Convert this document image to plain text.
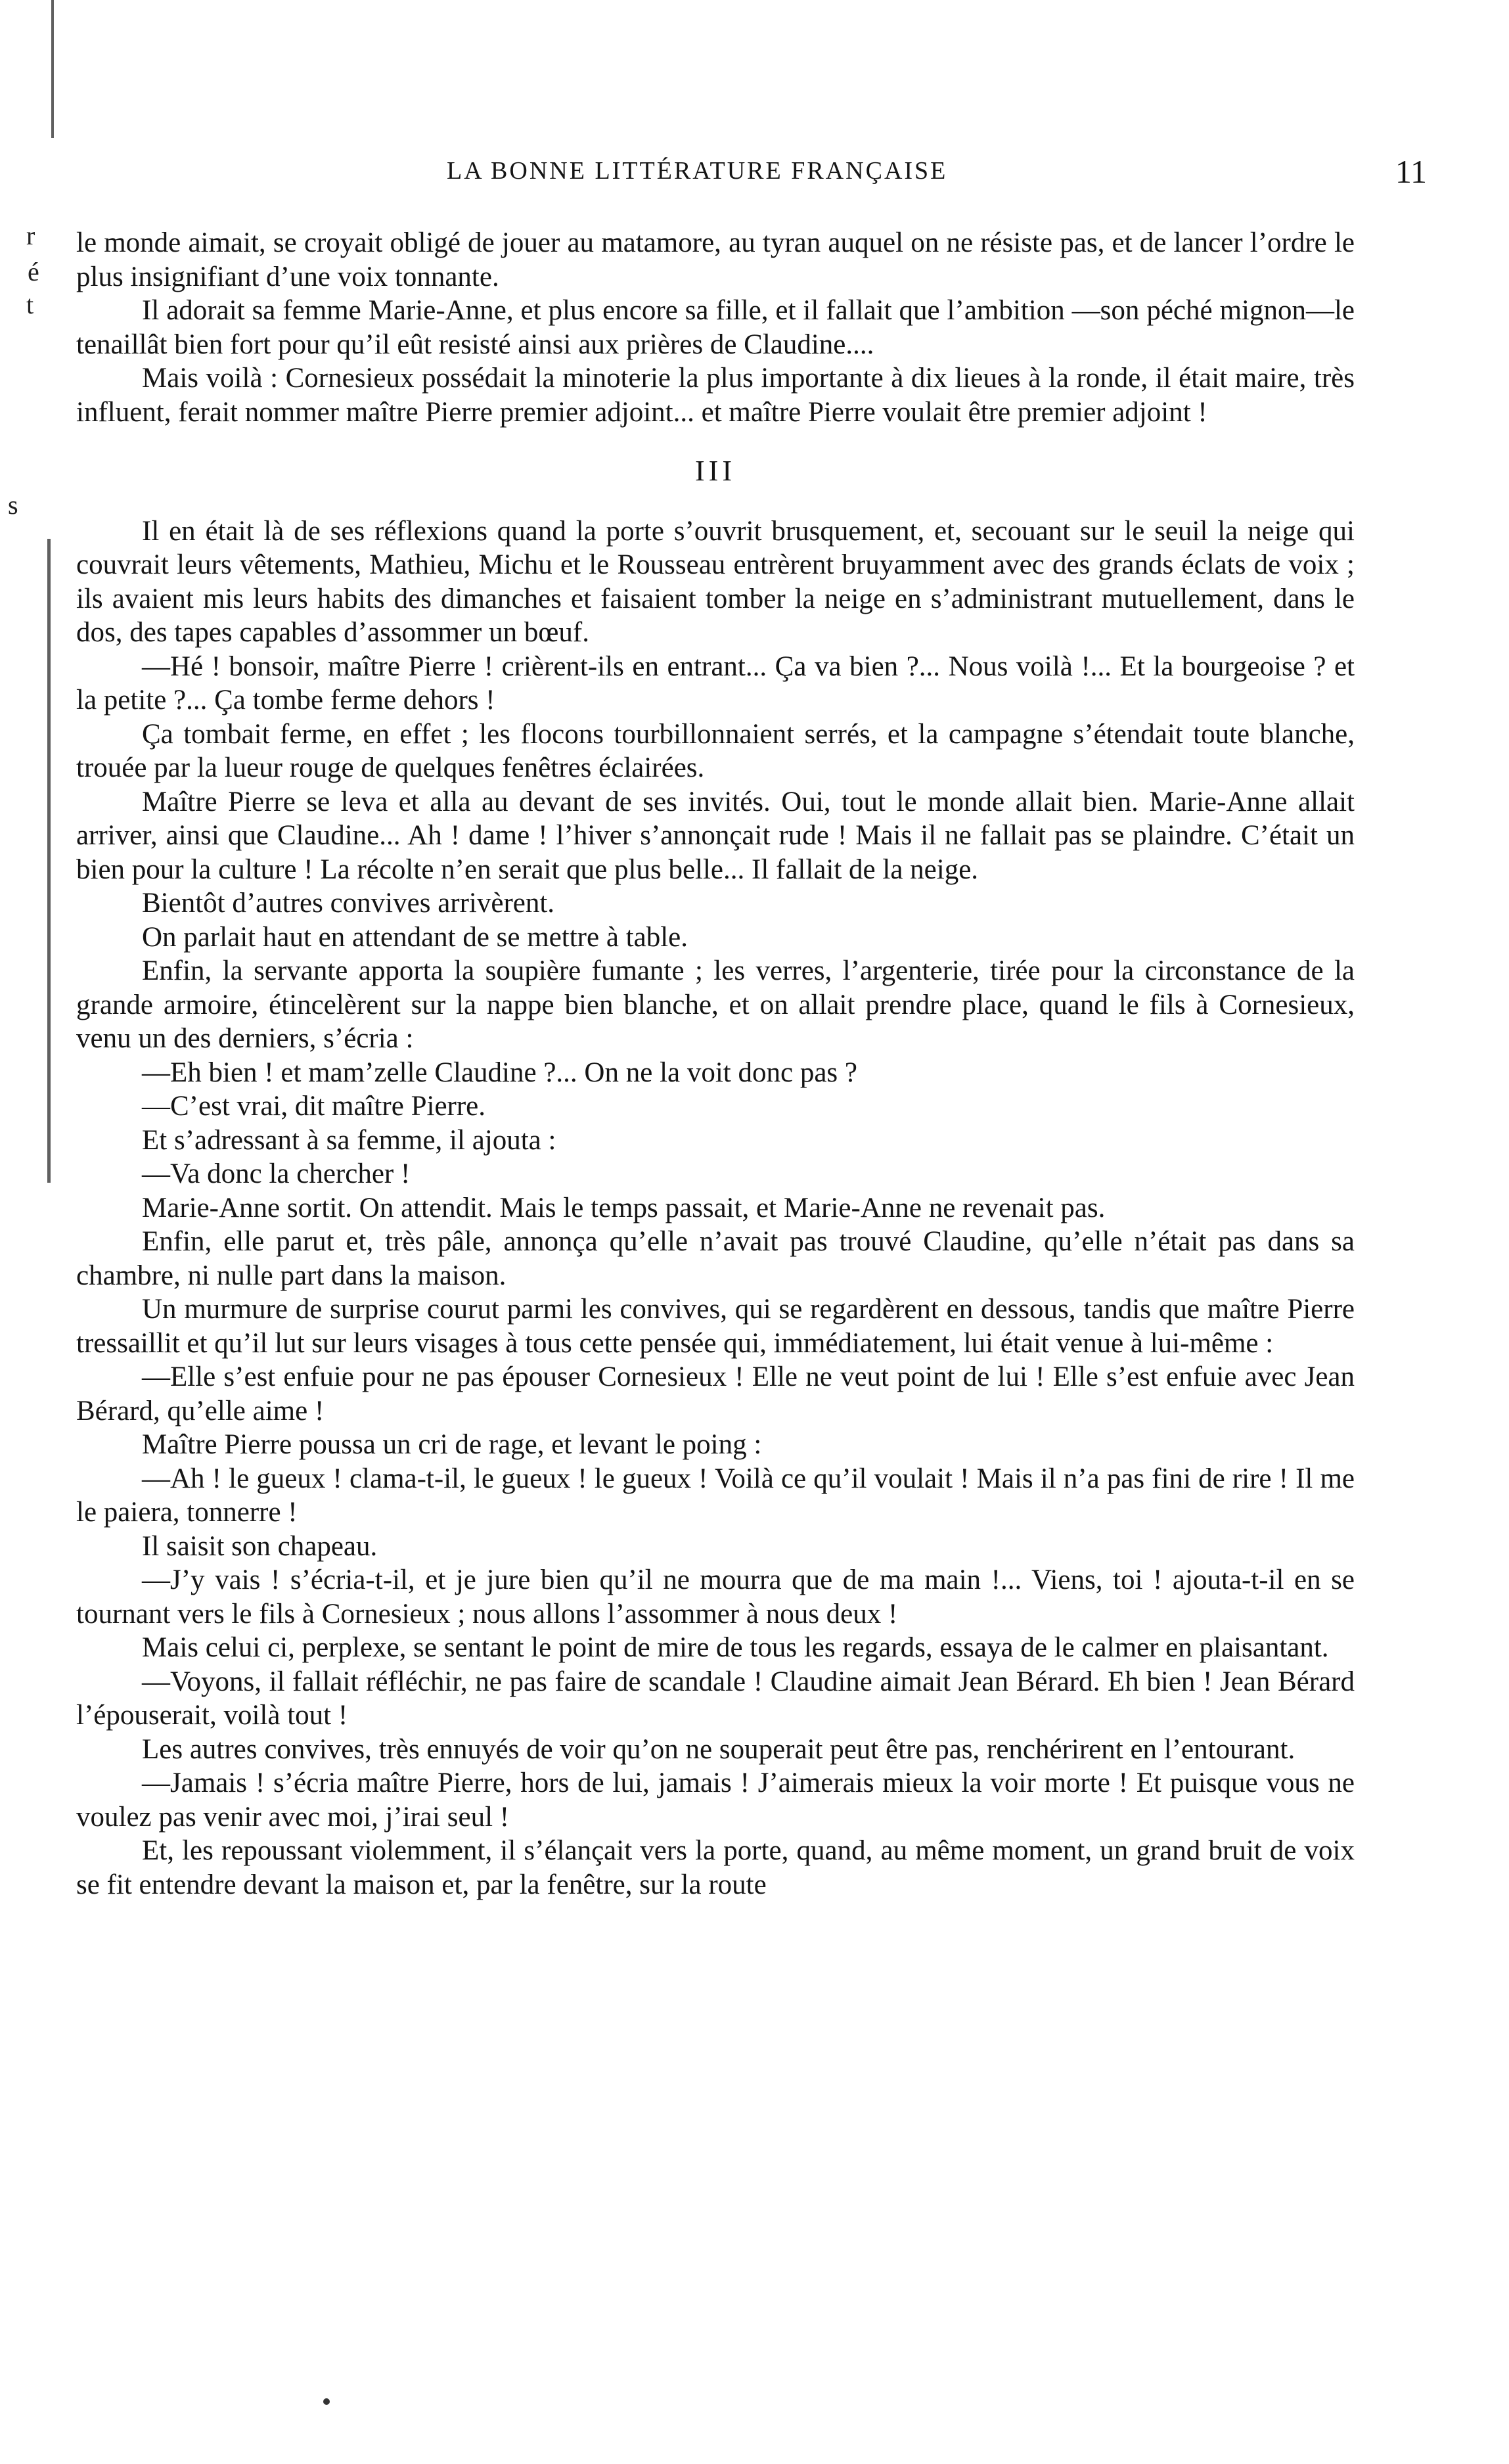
r
é
t
s
LA BONNE LITTÉRATURE FRANÇAISE	11

le monde aimait, se croyait obligé de jouer au matamore, au tyran auquel on ne résiste pas, et de lancer l’ordre le plus insignifiant d’une voix tonnante.

Il adorait sa femme Marie-Anne, et plus encore sa fille, et il fallait que l’ambition —son péché mignon—le tenaillât bien fort pour qu’il eût resisté ainsi aux prières de Claudine....

Mais voilà : Cornesieux possédait la minoterie la plus importante à dix lieues à la ronde, il était maire, très influent, ferait nommer maître Pierre premier adjoint... et maître Pierre voulait être premier adjoint !

III

Il en était là de ses réflexions quand la porte s’ouvrit brusquement, et, secouant sur le seuil la neige qui couvrait leurs vêtements, Mathieu, Michu et le Rousseau entrèrent bruyamment avec des grands éclats de voix ; ils avaient mis leurs habits des dimanches et faisaient tomber la neige en s’administrant mutuellement, dans le dos, des tapes capables d’assommer un bœuf.

—Hé ! bonsoir, maître Pierre ! crièrent-ils en entrant... Ça va bien ?... Nous voilà !... Et la bourgeoise ? et la petite ?... Ça tombe ferme dehors !

Ça tombait ferme, en effet ; les flocons tourbillonnaient serrés, et la campagne s’étendait toute blanche, trouée par la lueur rouge de quelques fenêtres éclairées.

Maître Pierre se leva et alla au devant de ses invités. Oui, tout le monde allait bien. Marie-Anne allait arriver, ainsi que Claudine... Ah ! dame ! l’hiver s’annonçait rude ! Mais il ne fallait pas se plaindre. C’était un bien pour la culture ! La récolte n’en serait que plus belle... Il fallait de la neige.

Bientôt d’autres convives arrivèrent.

On parlait haut en attendant de se mettre à table.

Enfin, la servante apporta la soupière fumante ; les verres, l’argenterie, tirée pour la circonstance de la grande armoire, étincelèrent sur la nappe bien blanche, et on allait prendre place, quand le fils à Cornesieux, venu un des derniers, s’écria :

—Eh bien ! et mam’zelle Claudine ?... On ne la voit donc pas ?

—C’est vrai, dit maître Pierre.

Et s’adressant à sa femme, il ajouta :

—Va donc la chercher !

Marie-Anne sortit. On attendit. Mais le temps passait, et Marie-Anne ne revenait pas.

Enfin, elle parut et, très pâle, annonça qu’elle n’avait pas trouvé Claudine, qu’elle n’était pas dans sa chambre, ni nulle part dans la maison.

Un murmure de surprise courut parmi les convives, qui se regardèrent en dessous, tandis que maître Pierre tressaillit et qu’il lut sur leurs visages à tous cette pensée qui, immédiatement, lui était venue à lui-même :

—Elle s’est enfuie pour ne pas épouser Cornesieux ! Elle ne veut point de lui ! Elle s’est enfuie avec Jean Bérard, qu’elle aime !

Maître Pierre poussa un cri de rage, et levant le poing :

—Ah ! le gueux ! clama-t-il, le gueux ! le gueux ! Voilà ce qu’il voulait ! Mais il n’a pas fini de rire ! Il me le paiera, tonnerre !

Il saisit son chapeau.

—J’y vais ! s’écria-t-il, et je jure bien qu’il ne mourra que de ma main !... Viens, toi ! ajouta-t-il en se tournant vers le fils à Cornesieux ; nous allons l’assommer à nous deux !

Mais celui ci, perplexe, se sentant le point de mire de tous les regards, essaya de le calmer en plaisantant.

—Voyons, il fallait réfléchir, ne pas faire de scandale ! Claudine aimait Jean Bérard. Eh bien ! Jean Bérard l’épouserait, voilà tout !

Les autres convives, très ennuyés de voir qu’on ne souperait peut être pas, renchérirent en l’entourant.

—Jamais ! s’écria maître Pierre, hors de lui, jamais ! J’aimerais mieux la voir morte ! Et puisque vous ne voulez pas venir avec moi, j’irai seul !

Et, les repoussant violemment, il s’élançait vers la porte, quand, au même moment, un grand bruit de voix se fit entendre devant la maison et, par la fenêtre, sur la route
